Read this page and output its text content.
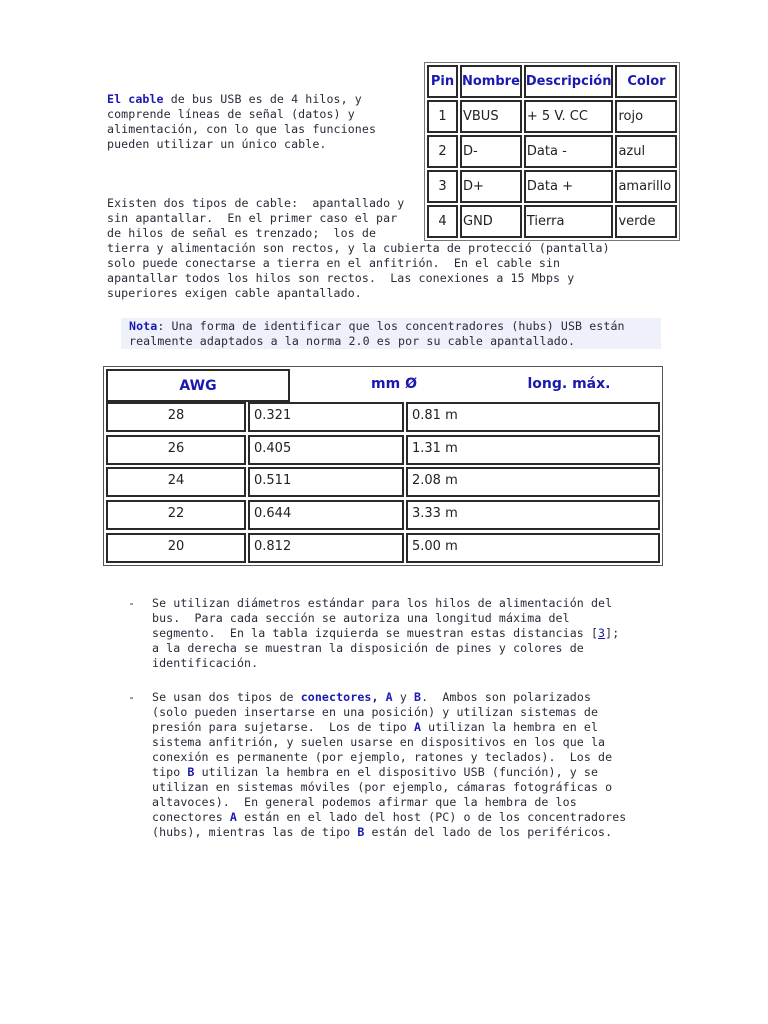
El cable de bus USB es de 4 hilos, y
comprende líneas de señal (datos) y
alimentación, con lo que las funciones
pueden utilizar un único cable.
Pin	Nombre	Descripción	Color
1	VBUS	+ 5 V. CC	rojo
2	D-	Data -	azul
3	D+	Data +	amarillo
4	GND	Tierra	verde
Existen dos tipos de cable:  apantallado y
sin apantallar.  En el primer caso el par
de hilos de señal es trenzado;  los de
tierra y alimentación son rectos, y la cubierta de protecció (pantalla)
solo puede conectarse a tierra en el anfitrión.  En el cable sin
apantallar todos los hilos son rectos.  Las conexiones a 15 Mbps y
superiores exigen cable apantallado.
Nota: Una forma de identificar que los concentradores (hubs) USB están
realmente adaptados a la norma 2.0 es por su cable apantallado.
AWG	mm Ø	long. máx.
28	0.321	0.81 m
26	0.405	1.31 m
24	0.511	2.08 m
22	0.644	3.33 m
20	0.812	5.00 m
- Se utilizan diámetros estándar para los hilos de alimentación del
bus.  Para cada sección se autoriza una longitud máxima del
segmento.  En la tabla izquierda se muestran estas distancias [3];
a la derecha se muestran la disposición de pines y colores de
identificación.
- Se usan dos tipos de conectores, A y B.  Ambos son polarizados
(solo pueden insertarse en una posición) y utilizan sistemas de
presión para sujetarse.  Los de tipo A utilizan la hembra en el
sistema anfitrión, y suelen usarse en dispositivos en los que la
conexión es permanente (por ejemplo, ratones y teclados).  Los de
tipo B utilizan la hembra en el dispositivo USB (función), y se
utilizan en sistemas móviles (por ejemplo, cámaras fotográficas o
altavoces).  En general podemos afirmar que la hembra de los
conectores A están en el lado del host (PC) o de los concentradores
(hubs), mientras las de tipo B están del lado de los periféricos.
